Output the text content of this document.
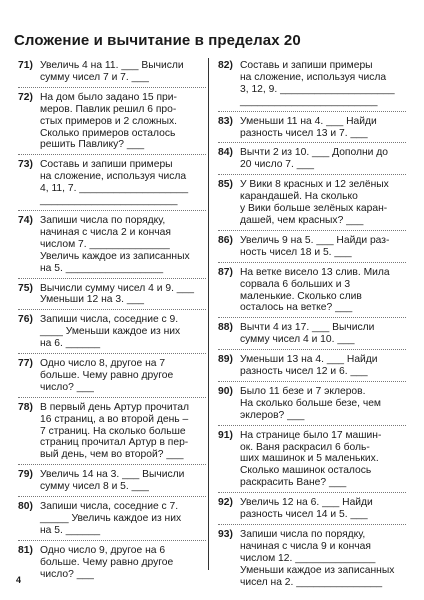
Сложение и вычитание в пределах 20
71) Увеличь 4 на 11. ___ Вычисли
сумму чисел 7 и 7. ___
72) На дом было задано 15 при-
меров. Павлик решил 6 про-
стых примеров и 2 сложных.
Сколько примеров осталось
решить Павлику? ___
73) Составь и запиши примеры
на сложение, используя числа
4, 11, 7. ___________________
________________________
74) Запиши числа по порядку,
начиная с числа 2 и кончая
числом 7. ______________
Увеличь каждое из записанных
на 5. _________________
75) Вычисли сумму чисел 4 и 9. ___
Уменьши 12 на 3. ___
76) Запиши числа, соседние с 9.
____ Уменьши каждое из них
на 6. ______
77) Одно число 8, другое на 7
больше. Чему равно другое
число? ___
78) В первый день Артур прочитал
16 страниц, а во второй день –
7 страниц. На сколько больше
страниц прочитал Артур в пер-
вый день, чем во второй? ___
79) Увеличь 14 на 3. ___ Вычисли
сумму чисел 8 и 5. ___
80) Запиши числа, соседние с 7.
_____ Увеличь каждое из них
на 5. ______
81) Одно число 9, другое на 6
больше. Чему равно другое
число? ___
82) Составь и запиши примеры
на сложение, используя числа
3, 12, 9. ____________________
________________________
83) Уменьши 11 на 4. ___ Найди
разность чисел 13 и 7. ___
84) Вычти 2 из 10. ___ Дополни до
20 число 7. ___
85) У Вики 8 красных и 12 зелёных
карандашей. На сколько
у Вики больше зелёных каран-
дашей, чем красных? ___
86) Увеличь 9 на 5. ___ Найди раз-
ность чисел 18 и 5. ___
87) На ветке висело 13 слив. Мила
сорвала 6 больших и 3
маленькие. Сколько слив
осталось на ветке? ___
88) Вычти 4 из 17. ___ Вычисли
сумму чисел 4 и 10. ___
89) Уменьши 13 на 4. ___ Найди
разность чисел 12 и 6. ___
90) Было 11 безе и 7 эклеров.
На сколько больше безе, чем
эклеров? ___
91) На странице было 17 машин-
ок. Ваня раскрасил 6 боль-
ших машинок и 5 маленьких.
Сколько машинок осталось
раскрасить Ване? ___
92) Увеличь 12 на 6. ___ Найди
разность чисел 14 и 5. ___
93) Запиши числа по порядку,
начиная с числа 9 и кончая
числом 12. ______________
Уменьши каждое из записанных
чисел на 2. _______________
4
